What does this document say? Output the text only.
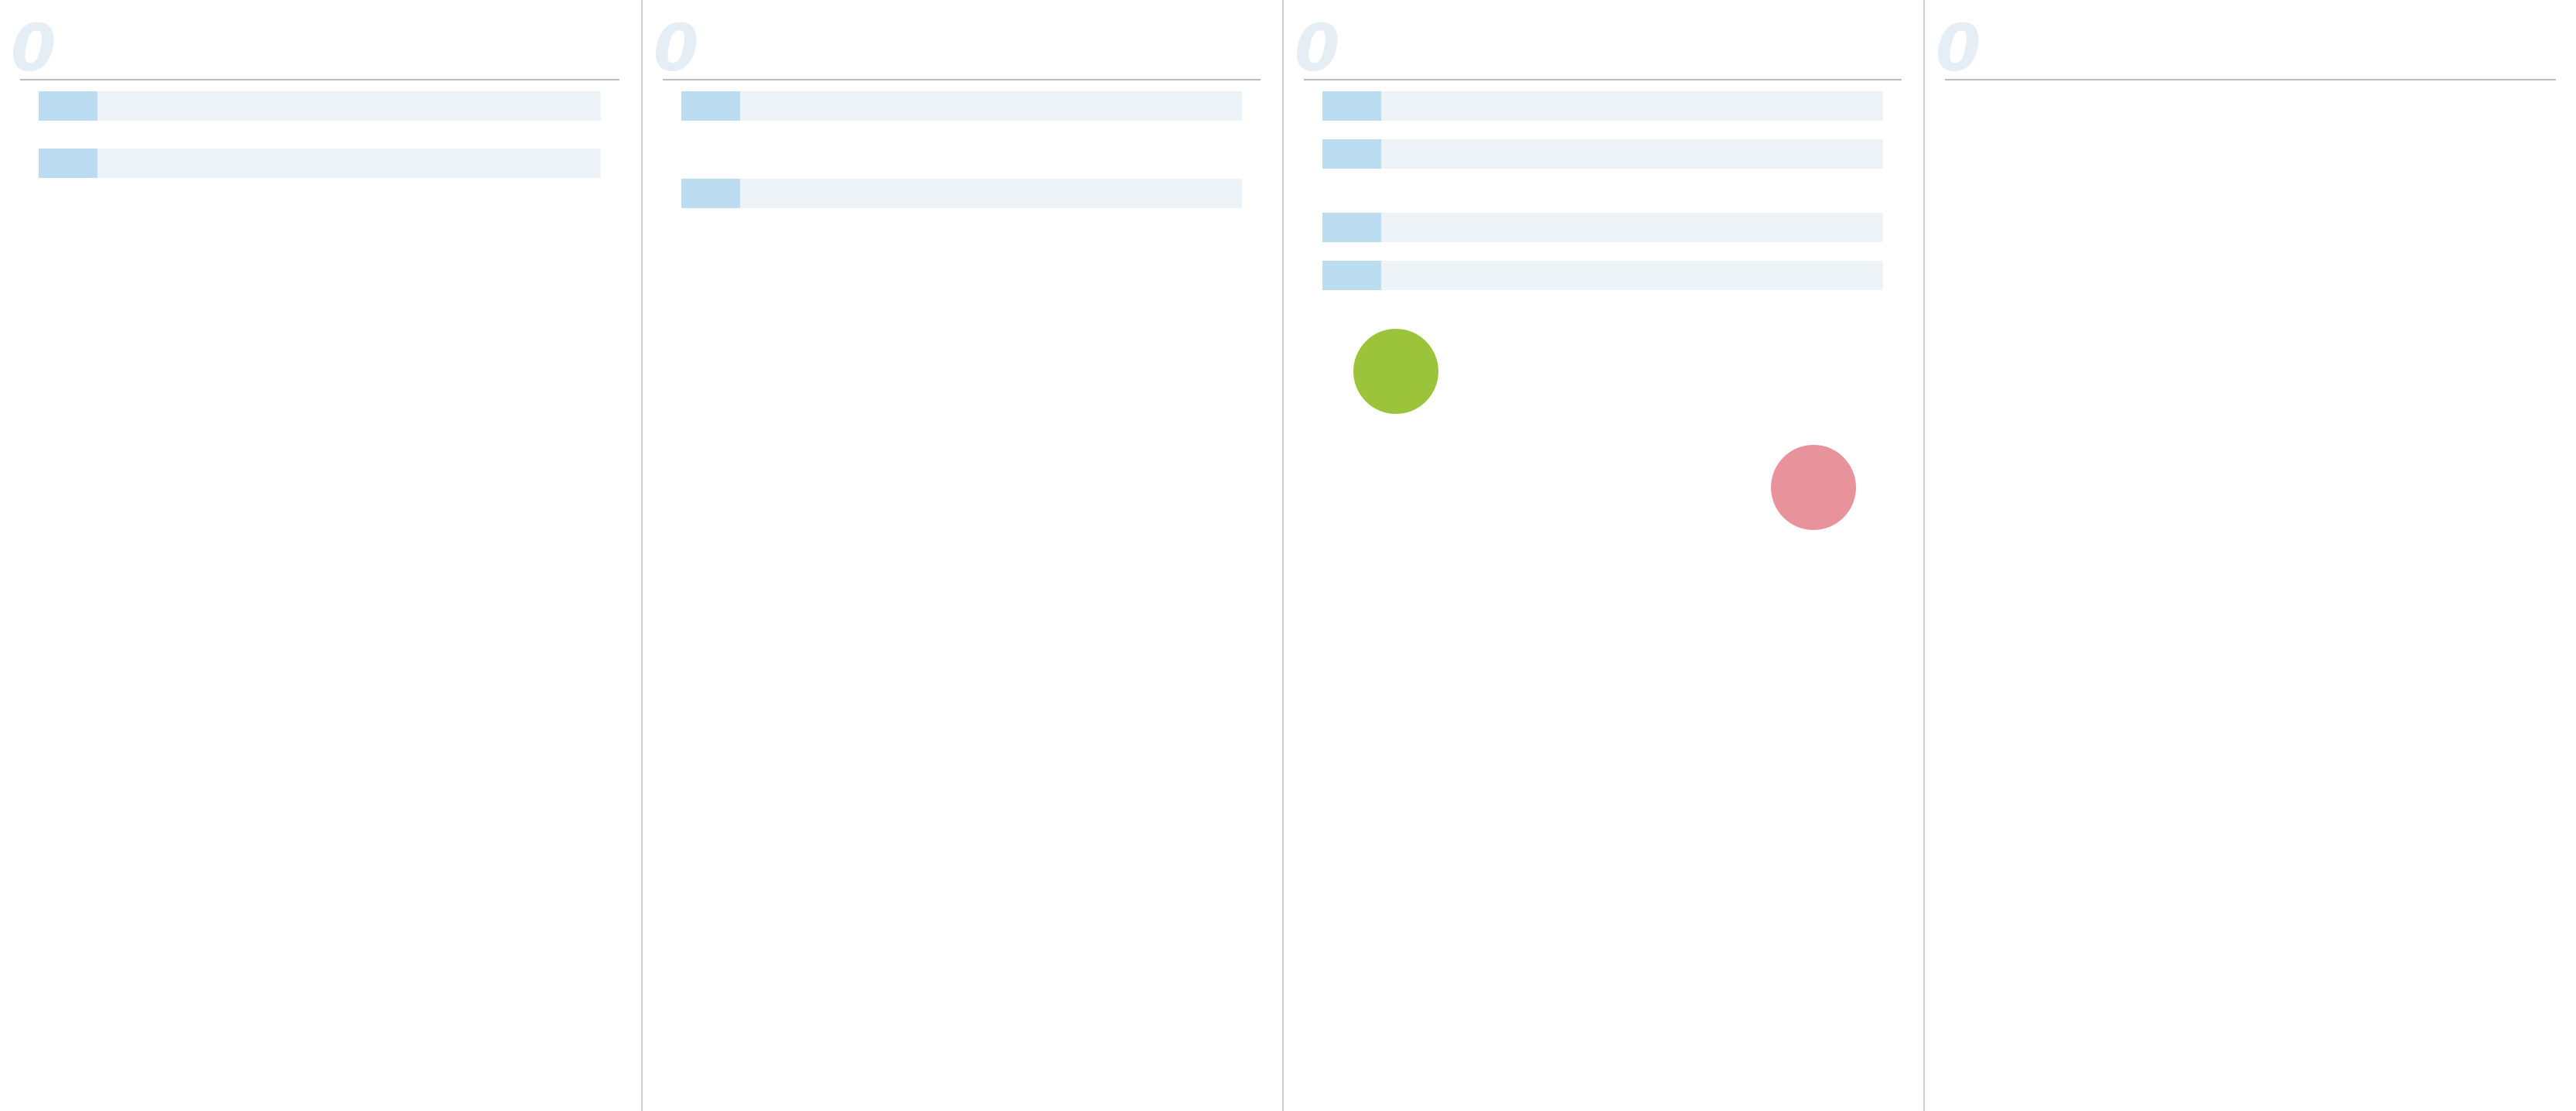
0	0	0	0
